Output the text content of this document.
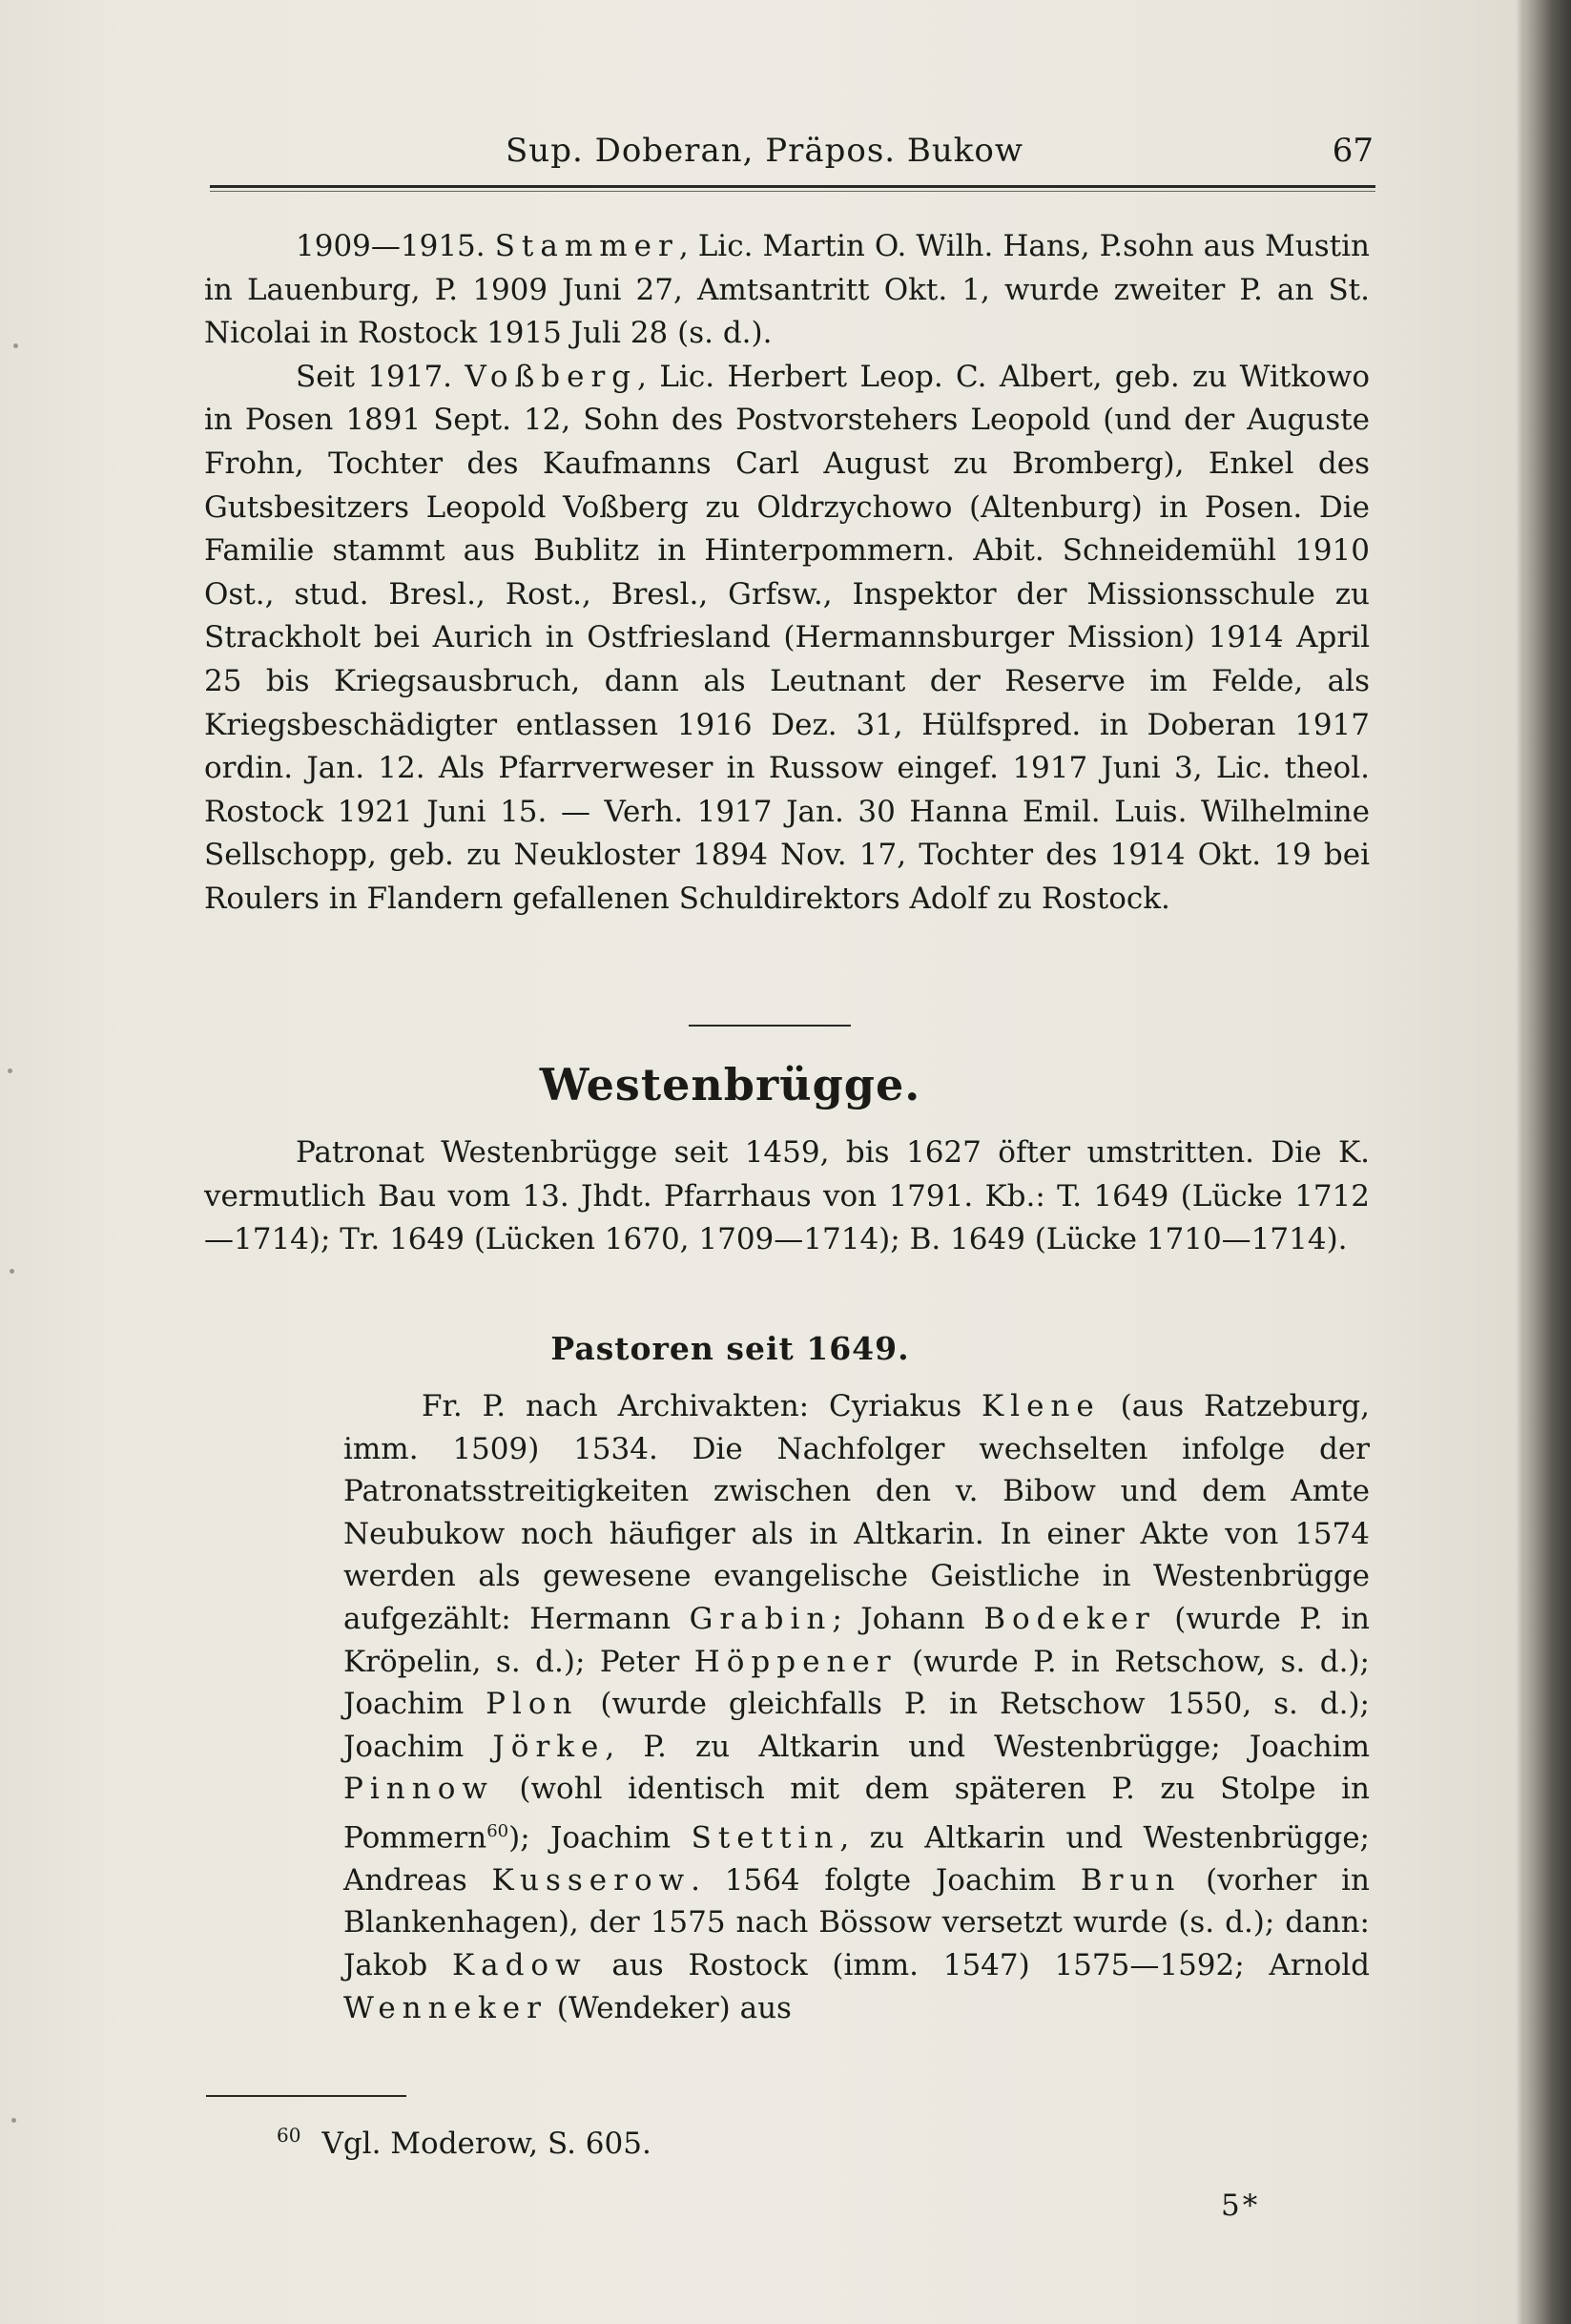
Sup. Doberan, Präpos. Bukow	67

1909—1915. Stammer, Lic. Martin O. Wilh. Hans, P.sohn aus Mustin in Lauenburg, P. 1909 Juni 27, Amtsantritt Okt. 1, wurde zweiter P. an St. Nicolai in Rostock 1915 Juli 28 (s. d.).

Seit 1917. Voßberg, Lic. Herbert Leop. C. Albert, geb. zu Witkowo in Posen 1891 Sept. 12, Sohn des Postvorstehers Leopold (und der Auguste Frohn, Tochter des Kaufmanns Carl August zu Bromberg), Enkel des Gutsbesitzers Leopold Voßberg zu Oldrzychowo (Altenburg) in Posen. Die Familie stammt aus Bublitz in Hinterpommern. Abit. Schneidemühl 1910 Ost., stud. Bresl., Rost., Bresl., Grfsw., Inspektor der Missionsschule zu Strackholt bei Aurich in Ostfriesland (Hermannsburger Mission) 1914 April 25 bis Kriegsausbruch, dann als Leutnant der Reserve im Felde, als Kriegsbeschädigter entlassen 1916 Dez. 31, Hülfspred. in Doberan 1917 ordin. Jan. 12. Als Pfarrverweser in Russow eingef. 1917 Juni 3, Lic. theol. Rostock 1921 Juni 15. — Verh. 1917 Jan. 30 Hanna Emil. Luis. Wilhelmine Sellschopp, geb. zu Neukloster 1894 Nov. 17, Tochter des 1914 Okt. 19 bei Roulers in Flandern gefallenen Schuldirektors Adolf zu Rostock.

Westenbrügge.

Patronat Westenbrügge seit 1459, bis 1627 öfter umstritten. Die K. vermutlich Bau vom 13. Jhdt. Pfarrhaus von 1791. Kb.: T. 1649 (Lücke 1712—1714); Tr. 1649 (Lücken 1670, 1709—1714); B. 1649 (Lücke 1710—1714).

Pastoren seit 1649.

Fr. P. nach Archivakten: Cyriakus Klene (aus Ratzeburg, imm. 1509) 1534. Die Nachfolger wechselten infolge der Patronatsstreitigkeiten zwischen den v. Bibow und dem Amte Neubukow noch häufiger als in Altkarin. In einer Akte von 1574 werden als gewesene evangelische Geistliche in Westenbrügge aufgezählt: Hermann Grabin; Johann Bodeker (wurde P. in Kröpelin, s. d.); Peter Höppener (wurde P. in Retschow, s. d.); Joachim Plon (wurde gleichfalls P. in Retschow 1550, s. d.); Joachim Jörke, P. zu Altkarin und Westenbrügge; Joachim Pinnow (wohl identisch mit dem späteren P. zu Stolpe in Pommern$^{60}$); Joachim Stettin, zu Altkarin und Westenbrügge; Andreas Kusserow. 1564 folgte Joachim Brun (vorher in Blankenhagen), der 1575 nach Bössow versetzt wurde (s. d.); dann: Jakob Kadow aus Rostock (imm. 1547) 1575—1592; Arnold Wenneker (Wendeker) aus

$^{60}$ Vgl. Moderow, S. 605.
5*
